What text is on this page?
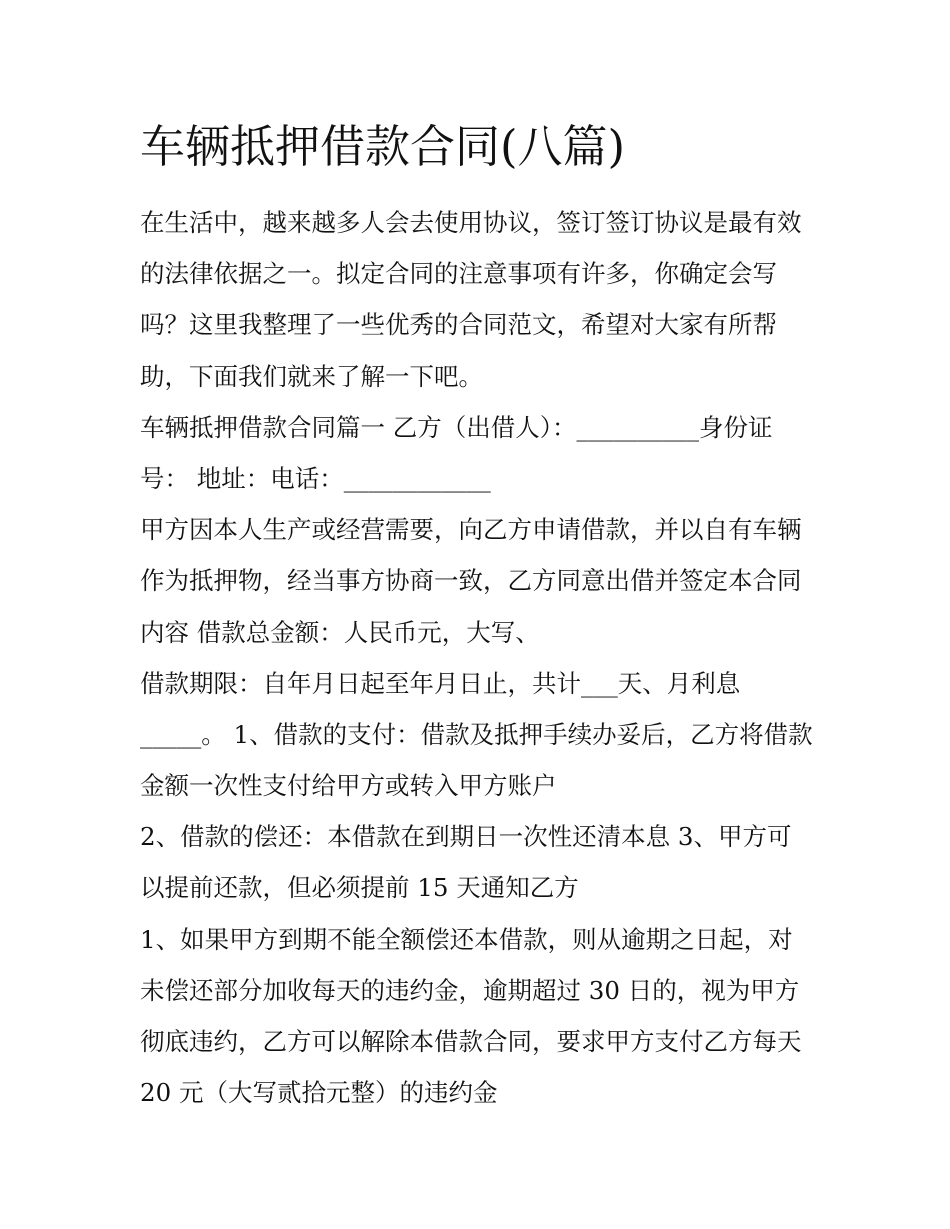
车辆抵押借款合同(八篇)
在生活中，越来越多人会去使用协议，签订签订协议是最有效
的法律依据之一。拟定合同的注意事项有许多，你确定会写
吗？这里我整理了一些优秀的合同范文，希望对大家有所帮
助，下面我们就来了解一下吧。
车辆抵押借款合同篇一 乙方（出借人）：__________身份证
号： 地址：电话：____________
甲方因本人生产或经营需要，向乙方申请借款，并以自有车辆
作为抵押物，经当事方协商一致，乙方同意出借并签定本合同
内容 借款总金额：人民币元，大写、
借款期限：自年月日起至年月日止，共计___天、月利息
_____。 1、借款的支付：借款及抵押手续办妥后，乙方将借款
金额一次性支付给甲方或转入甲方账户
2、借款的偿还：本借款在到期日一次性还清本息 3、甲方可
以提前还款，但必须提前 15 天通知乙方
1、如果甲方到期不能全额偿还本借款，则从逾期之日起，对
未偿还部分加收每天的违约金，逾期超过 30 日的，视为甲方
彻底违约，乙方可以解除本借款合同，要求甲方支付乙方每天
20 元（大写贰拾元整）的违约金
